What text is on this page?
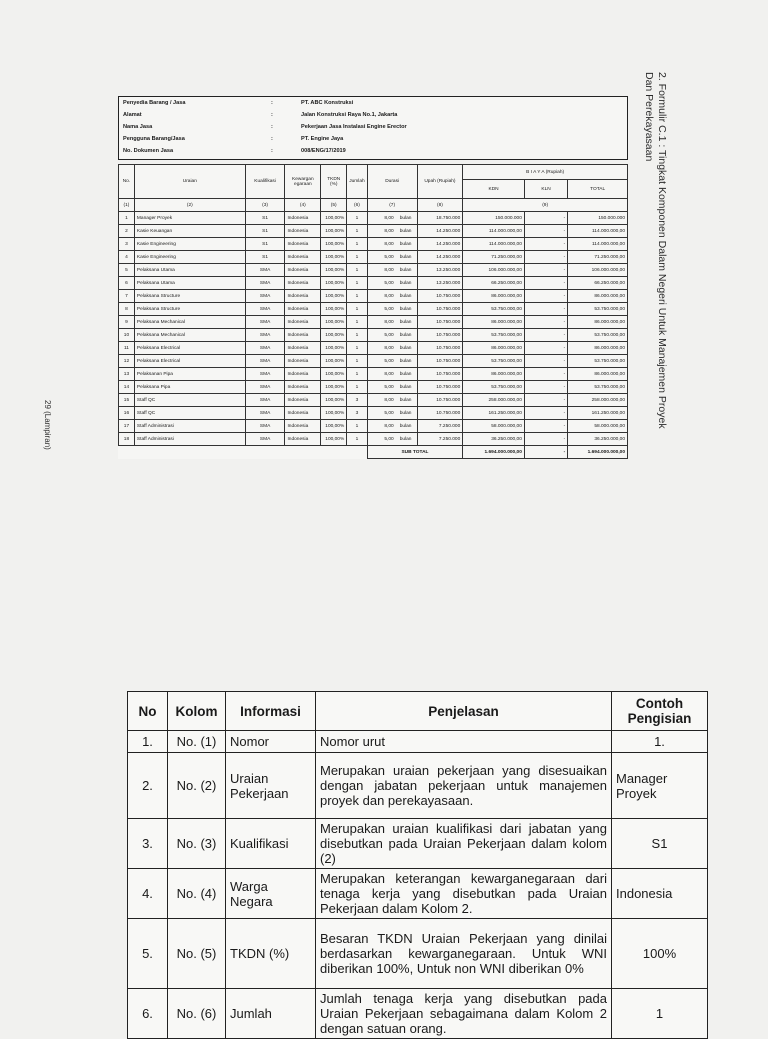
2. Formulir C.1 : Tingkat Komponen Dalam Negeri Untuk Manajemen Proyek Dan Perekayasaan
29 (Lampiran)
Penyedia Barang / Jasa	:	PT. ABC Konstruksi
Alamat	:	Jalan Konstruksi Raya No.1, Jakarta
Nama Jasa	:	Pekerjaan Jasa Instalasi Engine Erector
Pengguna Barang/Jasa	:	PT. Engine Jaya
No. Dokumen Jasa	:	008/ENG/17/2019
No.	Uraian	Kualifikasi	Kewargan egaraan	TKDN (%)	Jumlah	Durasi	Upah (Rupiah)	B I A Y A (Rupiah)		
								KDN	KLN	TOTAL
(1)	(2)	(3)	(4)	(5)	(6)	(7)	(8)	(9)		
1	Manager Proyek	S1	Indonesia	100,00%	1	8,00 bulan	18.750.000	150.000.000	-	150.000.000
2	Kasie Keuangan	S1	Indonesia	100,00%	1	8,00 bulan	14.250.000	114.000.000,00	-	114.000.000,00
3	Kasie Engineering	S1	Indonesia	100,00%	1	8,00 bulan	14.250.000	114.000.000,00	-	114.000.000,00
4	Kasie Engineering	S1	Indonesia	100,00%	1	5,00 bulan	14.250.000	71.250.000,00	-	71.250.000,00
5	Pelaksana Utama	SMA	Indonesia	100,00%	1	8,00 bulan	13.250.000	106.000.000,00	-	106.000.000,00
6	Pelaksana Utama	SMA	Indonesia	100,00%	1	5,00 bulan	13.250.000	66.250.000,00	-	66.250.000,00
7	Pelaksana Structure	SMA	Indonesia	100,00%	1	8,00 bulan	10.750.000	86.000.000,00	-	86.000.000,00
8	Pelaksana Structure	SMA	Indonesia	100,00%	1	5,00 bulan	10.750.000	53.750.000,00	-	53.750.000,00
9	Pelaksana Mechanical	SMA	Indonesia	100,00%	1	8,00 bulan	10.750.000	86.000.000,00	-	86.000.000,00
10	Pelaksana Mechanical	SMA	Indonesia	100,00%	1	5,00 bulan	10.750.000	53.750.000,00	-	53.750.000,00
11	Pelaksana Electrical	SMA	Indonesia	100,00%	1	8,00 bulan	10.750.000	86.000.000,00	-	86.000.000,00
12	Pelaksana Electrical	SMA	Indonesia	100,00%	1	5,00 bulan	10.750.000	53.750.000,00	-	53.750.000,00
13	Pelaksanan Pipa	SMA	Indonesia	100,00%	1	8,00 bulan	10.750.000	86.000.000,00	-	86.000.000,00
14	Pelaksana Pipa	SMA	Indonesia	100,00%	1	5,00 bulan	10.750.000	53.750.000,00	-	53.750.000,00
15	Staff QC	SMA	Indonesia	100,00%	3	8,00 bulan	10.750.000	258.000.000,00	-	258.000.000,00
16	Staff QC	SMA	Indonesia	100,00%	3	5,00 bulan	10.750.000	161.250.000,00	-	161.250.000,00
17	Staff Administrasi	SMA	Indonesia	100,00%	1	8,00 bulan	7.250.000	58.000.000,00	-	58.000.000,00
18	Staff Administrasi	SMA	Indonesia	100,00%	1	5,00 bulan	7.250.000	36.250.000,00	-	36.250.000,00
						SUB TOTAL		1.694.000.000,00	-	1.694.000.000,00
No	Kolom	Informasi	Penjelasan	Contoh Pengisian
1.	No. (1)	Nomor	Nomor urut	1.
2.	No. (2)	Uraian Pekerjaan	Merupakan uraian pekerjaan yang disesuaikan dengan jabatan pekerjaan untuk manajemen proyek dan perekayasaan.	Manager Proyek
3.	No. (3)	Kualifikasi	Merupakan uraian kualifikasi dari jabatan yang disebutkan pada Uraian Pekerjaan dalam kolom (2)	S1
4.	No. (4)	Warga Negara	Merupakan keterangan kewarganegaraan dari tenaga kerja yang disebutkan pada Uraian Pekerjaan dalam Kolom 2.	Indonesia
5.	No. (5)	TKDN (%)	Besaran TKDN Uraian Pekerjaan yang dinilai berdasarkan kewarganegaraan. Untuk WNI diberikan 100%, Untuk non WNI diberikan 0%	100%
6.	No. (6)	Jumlah	Jumlah tenaga kerja yang disebutkan pada Uraian Pekerjaan sebagaimana dalam Kolom 2 dengan satuan orang.	1
